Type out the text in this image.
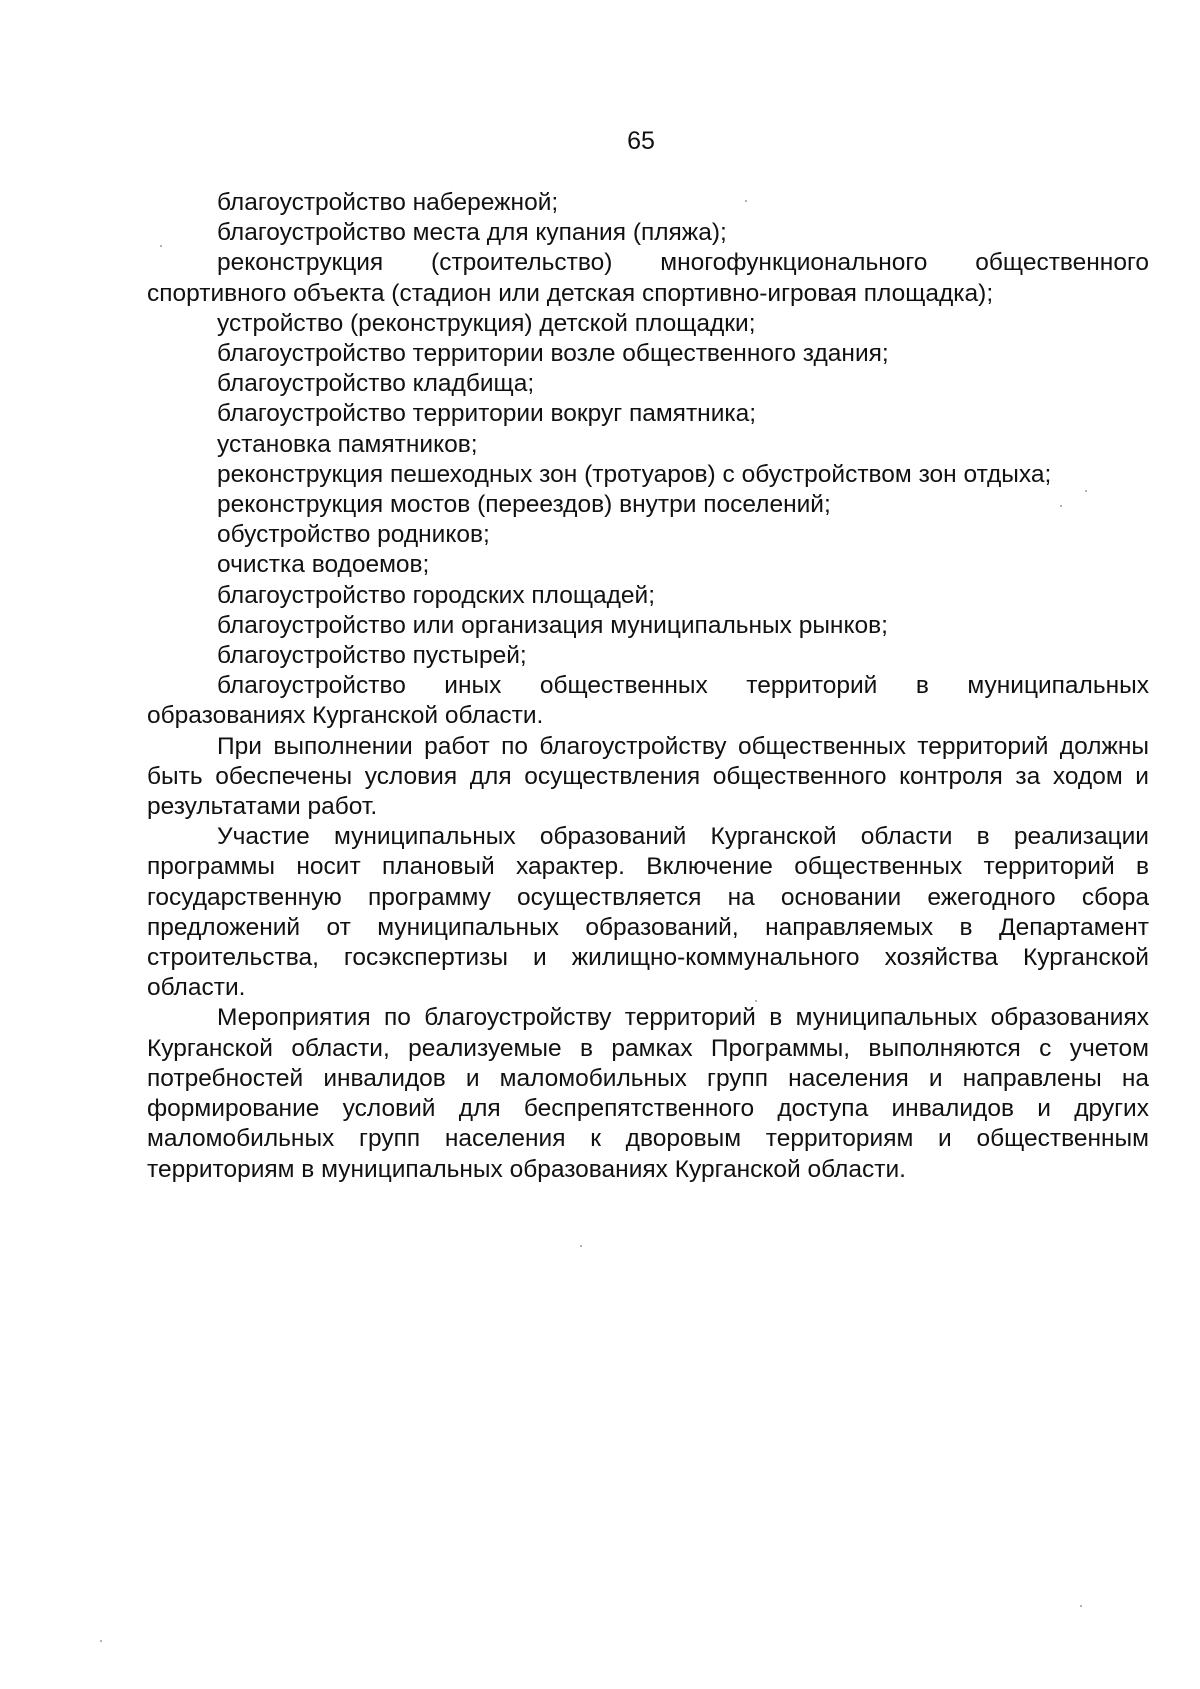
65

благоустройство набережной;

благоустройство места для купания (пляжа);

реконструкция (строительство) многофункционального общественного спортивного объекта (стадион или детская спортивно-игровая площадка);

устройство (реконструкция) детской площадки;

благоустройство территории возле общественного здания;

благоустройство кладбища;

благоустройство территории вокруг памятника;

установка памятников;

реконструкция пешеходных зон (тротуаров) с обустройством зон отдыха;

реконструкция мостов (переездов) внутри поселений;

обустройство родников;

очистка водоемов;

благоустройство городских площадей;

благоустройство или организация муниципальных рынков;

благоустройство пустырей;

благоустройство иных общественных территорий в муниципальных образованиях Курганской области.

При выполнении работ по благоустройству общественных территорий должны быть обеспечены условия для осуществления общественного контроля за ходом и результатами работ.

Участие муниципальных образований Курганской области в реализации программы носит плановый характер. Включение общественных территорий в государственную программу осуществляется на основании ежегодного сбора предложений от муниципальных образований, направляемых в Департамент строительства, госэкспертизы и жилищно-коммунального хозяйства Курганской области.

Мероприятия по благоустройству территорий в муниципальных образованиях Курганской области, реализуемые в рамках Программы, выполняются с учетом потребностей инвалидов и маломобильных групп населения и направлены на формирование условий для беспрепятственного доступа инвалидов и других маломобильных групп населения к дворовым территориям и общественным территориям в муниципальных образованиях Курганской области.
